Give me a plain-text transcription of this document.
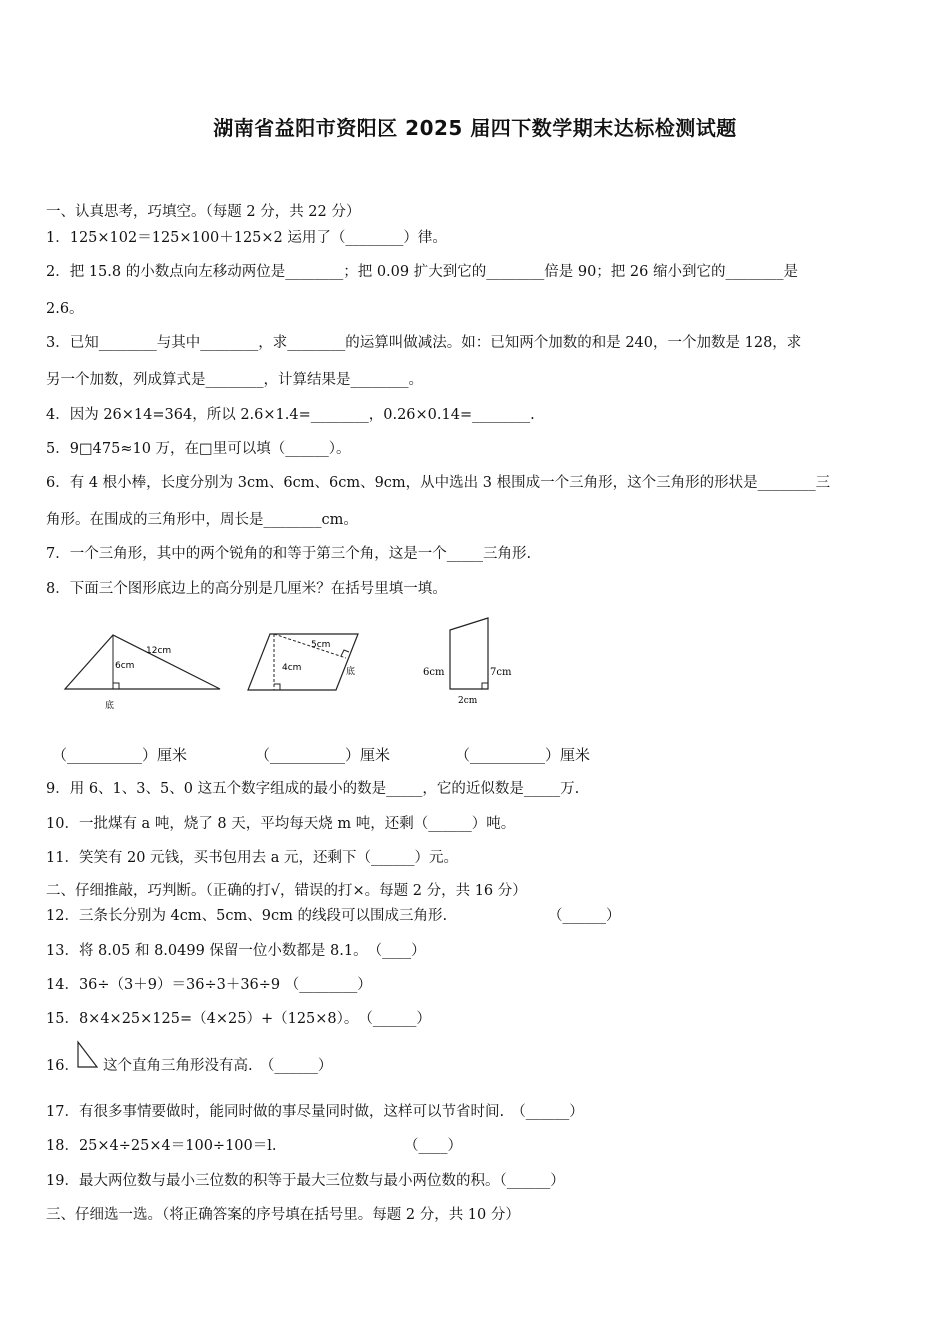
湖南省益阳市资阳区 2025 届四下数学期末达标检测试题
一、认真思考，巧填空。（每题 2 分，共 22 分）
1．125×102＝125×100＋125×2 运用了（________）律。
2．把 15.8 的小数点向左移动两位是________；把 0.09 扩大到它的________倍是 90；把 26 缩小到它的________是
2.6。
3．已知________与其中________，求________的运算叫做减法。如：已知两个加数的和是 240，一个加数是 128，求
另一个加数，列成算式是________，计算结果是________。
4．因为 26×14=364，所以 2.6×1.4=________，0.26×0.14=________.
5．9□475≈10 万，在□里可以填（______）。
6．有 4 根小棒，长度分别为 3cm、6cm、6cm、9cm，从中选出 3 根围成一个三角形，这个三角形的形状是________三
角形。在围成的三角形中，周长是________cm。
7．一个三角形，其中的两个锐角的和等于第三个角，这是一个_____三角形.
8．下面三个图形底边上的高分别是几厘米？在括号里填一填。
12cm
6cm
底
5cm
4cm	底	6cm	7cm
2cm
（__________）厘米	（__________）厘米	（__________）厘米
9．用 6、1、3、5、0 这五个数字组成的最小的数是_____，它的近似数是_____万.
10．一批煤有 a 吨，烧了 8 天，平均每天烧 m 吨，还剩（______）吨。
11．笑笑有 20 元钱，买书包用去 a 元，还剩下（______）元。
二、仔细推敲，巧判断。（正确的打√，错误的打×。每题 2 分，共 16 分）
12．三条长分别为 4cm、5cm、9cm 的线段可以围成三角形.	（______）
13．将 8.05 和 8.0499 保留一位小数都是 8.1。　（____）
14．36÷（3＋9）＝36÷3＋36÷9 （________）
15．8×4×25×125=（4×25）+（125×8）。　（______）
16． 这个直角三角形没有高.　（______）
17．有很多事情要做时，能同时做的事尽量同时做，这样可以节省时间.　（______）
18．25×4÷25×4＝100÷100＝l.	（____）
19．最大两位数与最小三位数的积等于最大三位数与最小两位数的积。（______）
三、仔细选一选。（将正确答案的序号填在括号里。每题 2 分，共 10 分）
